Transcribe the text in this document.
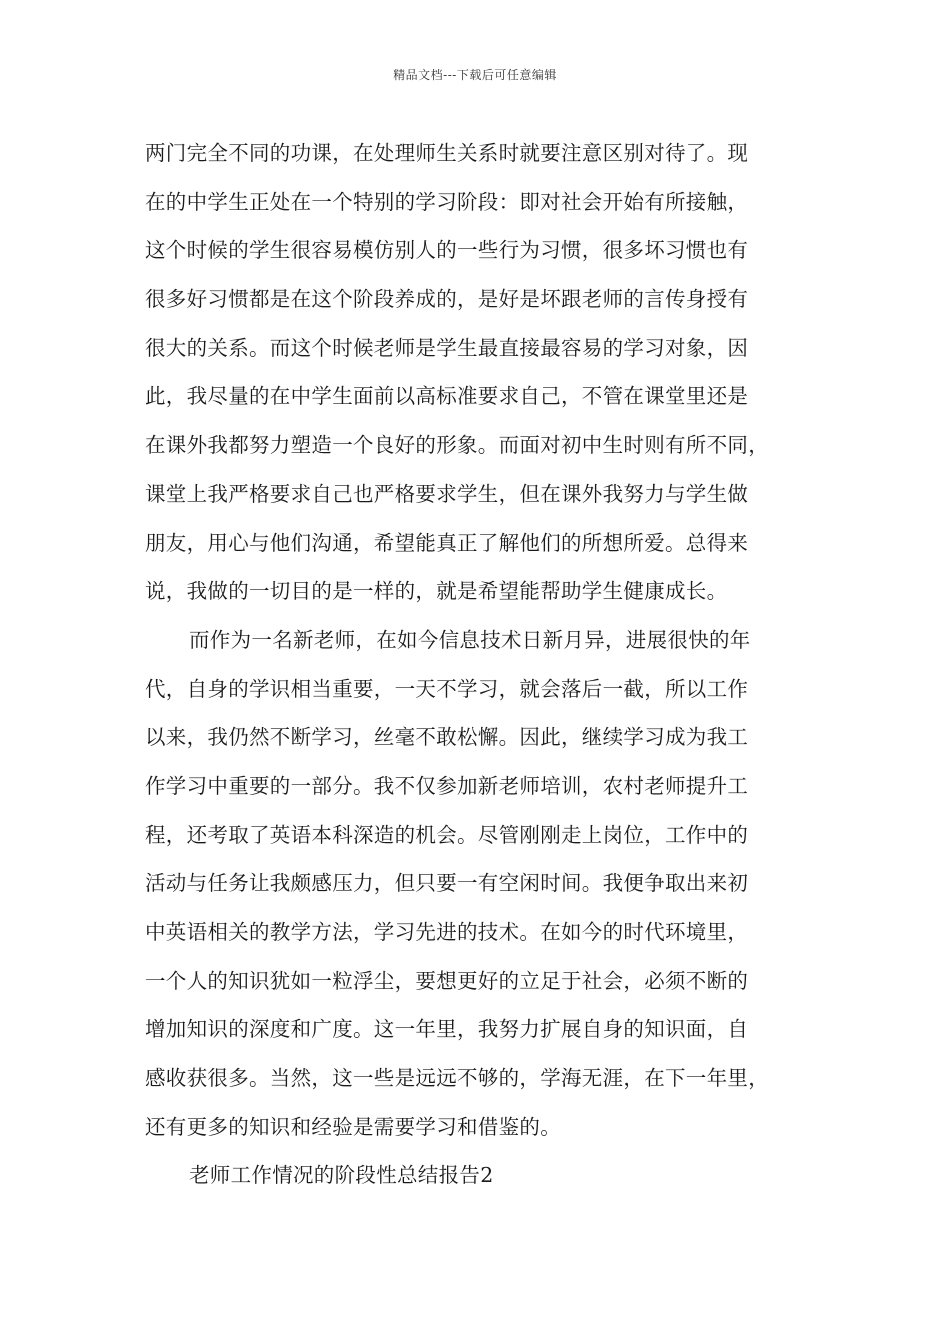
精品文档---下载后可任意编辑
两门完全不同的功课，在处理师生关系时就要注意区别对待了。现
在的中学生正处在一个特别的学习阶段：即对社会开始有所接触，
这个时候的学生很容易模仿别人的一些行为习惯，很多坏习惯也有
很多好习惯都是在这个阶段养成的，是好是坏跟老师的言传身授有
很大的关系。而这个时候老师是学生最直接最容易的学习对象，因
此，我尽量的在中学生面前以高标准要求自己，不管在课堂里还是
在课外我都努力塑造一个良好的形象。而面对初中生时则有所不同，
课堂上我严格要求自己也严格要求学生，但在课外我努力与学生做
朋友，用心与他们沟通，希望能真正了解他们的所想所爱。总得来
说，我做的一切目的是一样的，就是希望能帮助学生健康成长。
而作为一名新老师，在如今信息技术日新月异，进展很快的年
代，自身的学识相当重要，一天不学习，就会落后一截，所以工作
以来，我仍然不断学习，丝毫不敢松懈。因此，继续学习成为我工
作学习中重要的一部分。我不仅参加新老师培训，农村老师提升工
程，还考取了英语本科深造的机会。尽管刚刚走上岗位，工作中的
活动与任务让我颇感压力，但只要一有空闲时间。我便争取出来初
中英语相关的教学方法，学习先进的技术。在如今的时代环境里，
一个人的知识犹如一粒浮尘，要想更好的立足于社会，必须不断的
增加知识的深度和广度。这一年里，我努力扩展自身的知识面，自
感收获很多。当然，这一些是远远不够的，学海无涯，在下一年里，
还有更多的知识和经验是需要学习和借鉴的。
老师工作情况的阶段性总结报告2
